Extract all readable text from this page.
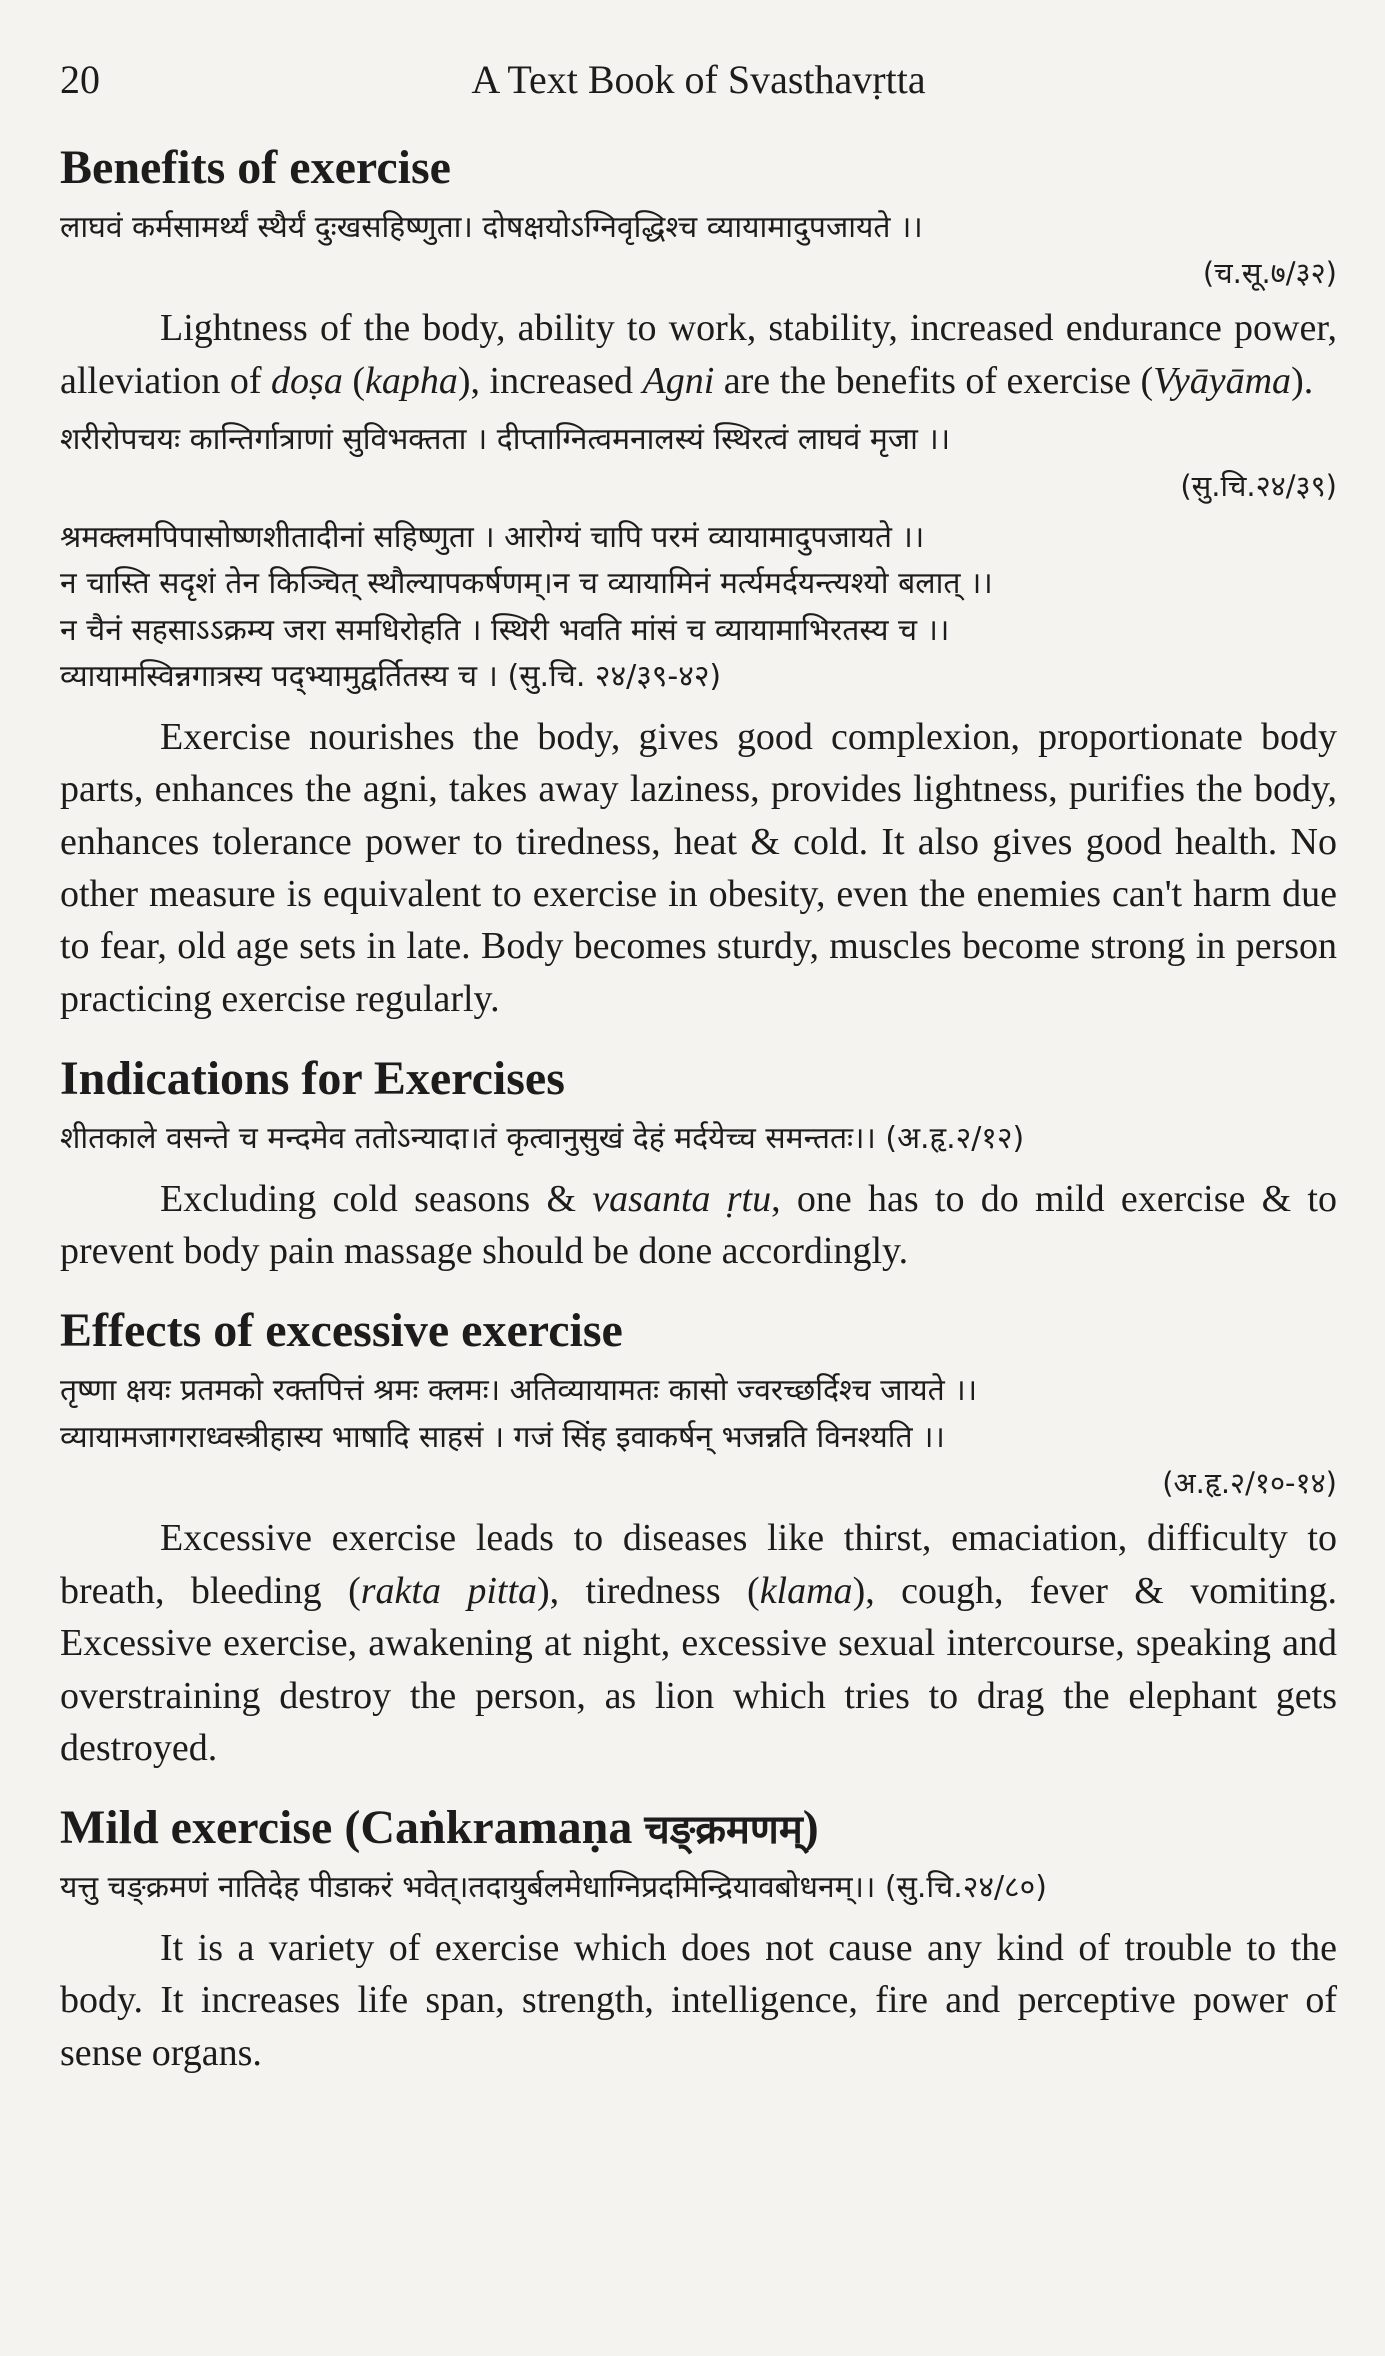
20	A Text Book of Svasthavṛtta
Benefits of exercise
लाघवं कर्मसामर्थ्यं स्थैर्यं दुःखसहिष्णुता। दोषक्षयोऽग्निवृद्धिश्च व्यायामादुपजायते ।।
(च.सू.७/३२)

Lightness of the body, ability to work, stability, increased endurance power, alleviation of doṣa (kapha), increased Agni are the benefits of exercise (Vyāyāma).

शरीरोपचयः कान्तिर्गात्राणां सुविभक्तता । दीप्ताग्नित्वमनालस्यं स्थिरत्वं लाघवं मृजा ।।
(सु.चि.२४/३९)
श्रमक्लमपिपासोष्णशीतादीनां सहिष्णुता । आरोग्यं चापि परमं व्यायामादुपजायते ।।
न चास्ति सदृशं तेन किञ्चित् स्थौल्यापकर्षणम्।न च व्यायामिनं मर्त्यमर्दयन्त्यश्यो बलात् ।।
न चैनं सहसाऽऽक्रम्य जरा समधिरोहति । स्थिरी भवति मांसं च व्यायामाभिरतस्य च ।।
व्यायामस्विन्नगात्रस्य पद्भ्यामुद्वर्तितस्य च । (सु.चि. २४/३९-४२)

Exercise nourishes the body, gives good complexion, proportionate body parts, enhances the agni, takes away laziness, provides lightness, purifies the body, enhances tolerance power to tiredness, heat & cold. It also gives good health. No other measure is equivalent to exercise in obesity, even the enemies can't harm due to fear, old age sets in late. Body becomes sturdy, muscles become strong in person practicing exercise regularly.

Indications for Exercises
शीतकाले वसन्ते च मन्दमेव ततोऽन्यादा।तं कृत्वानुसुखं देहं मर्दयेच्च समन्ततः।। (अ.हृ.२/१२)

Excluding cold seasons & vasanta ṛtu, one has to do mild exercise & to prevent body pain massage should be done accordingly.

Effects of excessive exercise
तृष्णा क्षयः प्रतमको रक्तपित्तं श्रमः क्लमः। अतिव्यायामतः कासो ज्वरच्छर्दिश्च जायते ।।
व्यायामजागराध्वस्त्रीहास्य भाषादि साहसं । गजं सिंह इवाकर्षन् भजन्नति विनश्यति ।।
(अ.हृ.२/१०-१४)

Excessive exercise leads to diseases like thirst, emaciation, difficulty to breath, bleeding (rakta pitta), tiredness (klama), cough, fever & vomiting. Excessive exercise, awakening at night, excessive sexual intercourse, speaking and overstraining destroy the person, as lion which tries to drag the elephant gets destroyed.

Mild exercise (Caṅkramaṇa चङ्क्रमणम्)
यत्तु चङ्क्रमणं नातिदेह पीडाकरं भवेत्।तदायुर्बलमेधाग्निप्रदमिन्द्रियावबोधनम्।। (सु.चि.२४/८०)

It is a variety of exercise which does not cause any kind of trouble to the body. It increases life span, strength, intelligence, fire and perceptive power of sense organs.
